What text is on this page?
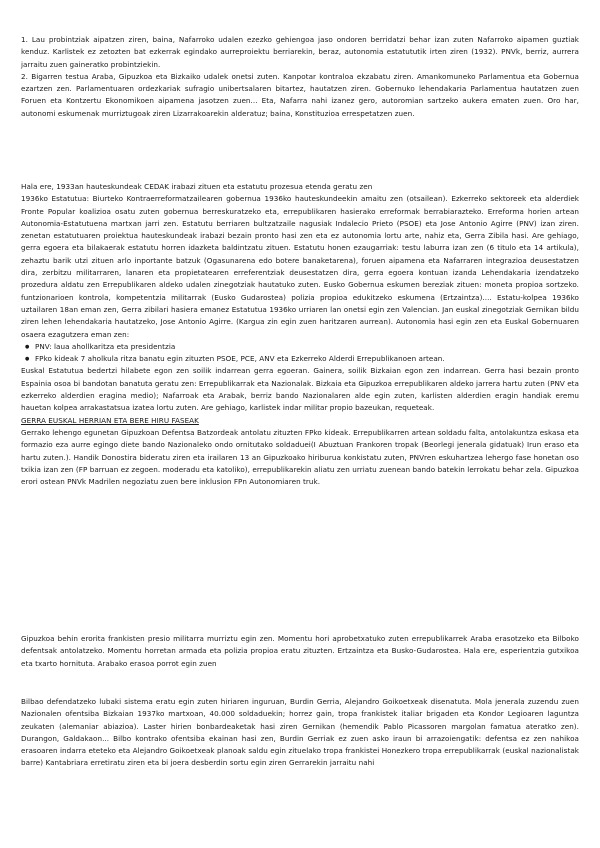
1. Lau probintziak aipatzen ziren, baina, Nafarroko udalen ezezko gehiengoa jaso ondoren berridatzi behar izan zuten Nafarroko aipamen guztiak kenduz. Karlistek ez zetozten bat ezkerrak egindako aurreproiektu berriarekin, beraz, autonomia estatututik irten ziren (1932). PNVk, berriz, aurrera jarraitu zuen gaineratko probintziekin.

2. Bigarren testua Araba, Gipuzkoa eta Bizkaiko udalek onetsi zuten. Kanpotar kontraloa ekzabatu ziren. Amankomuneko Parlamentua eta Gobernua ezartzen zen. Parlamentuaren ordezkariak sufragio unibertsalaren bitartez, hautatzen ziren. Gobernuko lehendakaria Parlamentua hautatzen zuen Foruen eta Kontzertu Ekonomikoen aipamena jasotzen zuen... Eta, Nafarra nahi izanez gero, autoromian sartzeko aukera ematen zuen. Oro har, autonomi eskumenak murriztugoak ziren Lizarrakoarekin alderatuz; baina, Konstituzioa errespetatzen zuen.

Hala ere, 1933an hauteskundeak CEDAK irabazi zituen eta estatutu prozesua etenda geratu zen

1936ko Estatutua: Biurteko Kontraerreformatzailearen gobernua 1936ko hauteskundeekin amaitu zen (otsailean). Ezkerreko sektoreek eta alderdiek Fronte Popular koalizioa osatu zuten gobernua berreskuratzeko eta, errepublikaren hasierako erreformak berrabiarazteko. Erreforma horien artean Autonomia-Estatutuena martxan jarri zen. Estatutu berriaren bultzatzaile nagusiak Indalecio Prieto (PSOE) eta Jose Antonio Agirre (PNV) izan ziren. zenetan estatutuaren proiektua hauteskundeak irabazi bezain pronto hasi zen eta ez autonomia lortu arte, nahiz eta, Gerra Zibila hasi. Are gehiago, gerra egoera eta bilakaerak estatutu horren idazketa baldintzatu zituen. Estatutu honen ezaugarriak: testu laburra izan zen (6 titulo eta 14 artikula), zehaztu barik utzi zituen arlo inportante batzuk (Ogasunarena edo botere banaketarena), foruen aipamena eta Nafarraren integrazioa deusestatzen dira, zerbitzu militarraren, lanaren eta propietatearen erreferentziak deusestatzen dira, gerra egoera kontuan izanda Lehendakaria izendatzeko prozedura aldatu zen Errepublikaren aldeko udalen zinegotziak hautatuko zuten. Eusko Gobernua eskumen bereziak zituen: moneta propioa sortzeko. funtzionarioen kontrola, kompetentzia militarrak (Eusko Gudarostea) polizia propioa edukitzeko eskumena (Ertzaintza).... Estatu-kolpea 1936ko uztailaren 18an eman zen, Gerra zibilari hasiera emanez Estatutua 1936ko urriaren lan onetsi egin zen Valencian. Jan euskal zinegotziak Gernikan bildu ziren lehen lehendakaria hautatzeko, Jose Antonio Agirre. (Kargua zin egin zuen haritzaren aurrean). Autonomia hasi egin zen eta Euskal Gobernuaren osaera ezagutzera eman zen:

● PNV: laua ahollkaritza eta presidentzia

● FPko kideak 7 aholkula ritza banatu egin zituzten PSOE, PCE, ANV eta Ezkerreko Alderdi Errepublikanoen artean.

Euskal Estatutua bedertzi hilabete egon zen soilik indarrean gerra egoeran. Gainera, soilik Bizkaian egon zen indarrean. Gerra hasi bezain pronto Espainia osoa bi bandotan banatuta geratu zen: Errepublikarrak eta Nazionalak. Bizkaia eta Gipuzkoa errepublikaren aldeko jarrera hartu zuten (PNV eta ezkerreko alderdien eragina medio); Nafarroak eta Arabak, berriz bando Nazionalaren alde egin zuten, karlisten alderdien eragin handiak eremu hauetan kolpea arrakastatsua izatea lortu zuten. Are gehiago, karlistek indar militar propio bazeukan, requeteak.

GERRA EUSKAL HERRIAN ETA BERE HIRU FASEAK

Gerrako lehengo egunetan Gipuzkoan Defentsa Batzordeak antolatu zituzten FPko kideak. Errepublikarren artean soldadu falta, antolakuntza eskasa eta formazio eza aurre egingo diete bando Nazionaleko ondo ornitutako soldaduei(I Abuztuan Frankoren tropak (Beorlegi jenerala gidatuak) Irun eraso eta hartu zuten.). Handik Donostira bideratu ziren eta irailaren 13 an Gipuzkoako hiriburua konkistatu zuten, PNVren eskuhartzea lehergo fase honetan oso txikia izan zen (FP barruan ez zegoen. moderadu eta katoliko), errepublikarekin aliatu zen urriatu zuenean bando batekin lerrokatu behar zela. Gipuzkoa erori ostean PNVk Madrilen negoziatu zuen bere inklusion FPn Autonomiaren truk.

Gipuzkoa behin erorita frankisten presio militarra murriztu egin zen. Momentu hori aprobetxatuko zuten errepublikarrek Araba erasotzeko eta Bilboko defentsak antolatzeko. Momentu horretan armada eta polizia propioa eratu zituzten. Ertzaintza eta Busko-Gudarostea. Hala ere, esperientzia gutxikoa eta txarto hornituta. Arabako erasoa porrot egin zuen

Bilbao defendatzeko lubaki sistema eratu egin zuten hiriaren inguruan, Burdin Gerria, Alejandro Goikoetxeak disenatuta. Mola jenerala zuzendu zuen Nazionalen ofentsiba Bizkaian 1937ko martxoan, 40.000 soldaduekin; horrez gain, tropa frankistek italiar brigaden eta Kondor Legioaren laguntza zeukaten (alemaniar abiazioa). Laster hirien bonbardeaketak hasi ziren Gernikan (hemendik Pablo Picassoren margolan famatua ateratko zen). Durangon, Galdakaon... Bilbo kontrako ofentsiba ekainan hasi zen, Burdin Gerriak ez zuen asko iraun bi arrazoiengatik: defentsa ez zen nahikoa erasoaren indarra eteteko eta Alejandro Goikoetxeak planoak saldu egin zituelako tropa frankistei Honezkero tropa errepublikarrak (euskal nazionalistak barre) Kantabriara erretiratu ziren eta bi joera desberdin sortu egin ziren Gerrarekin jarraitu nahi
